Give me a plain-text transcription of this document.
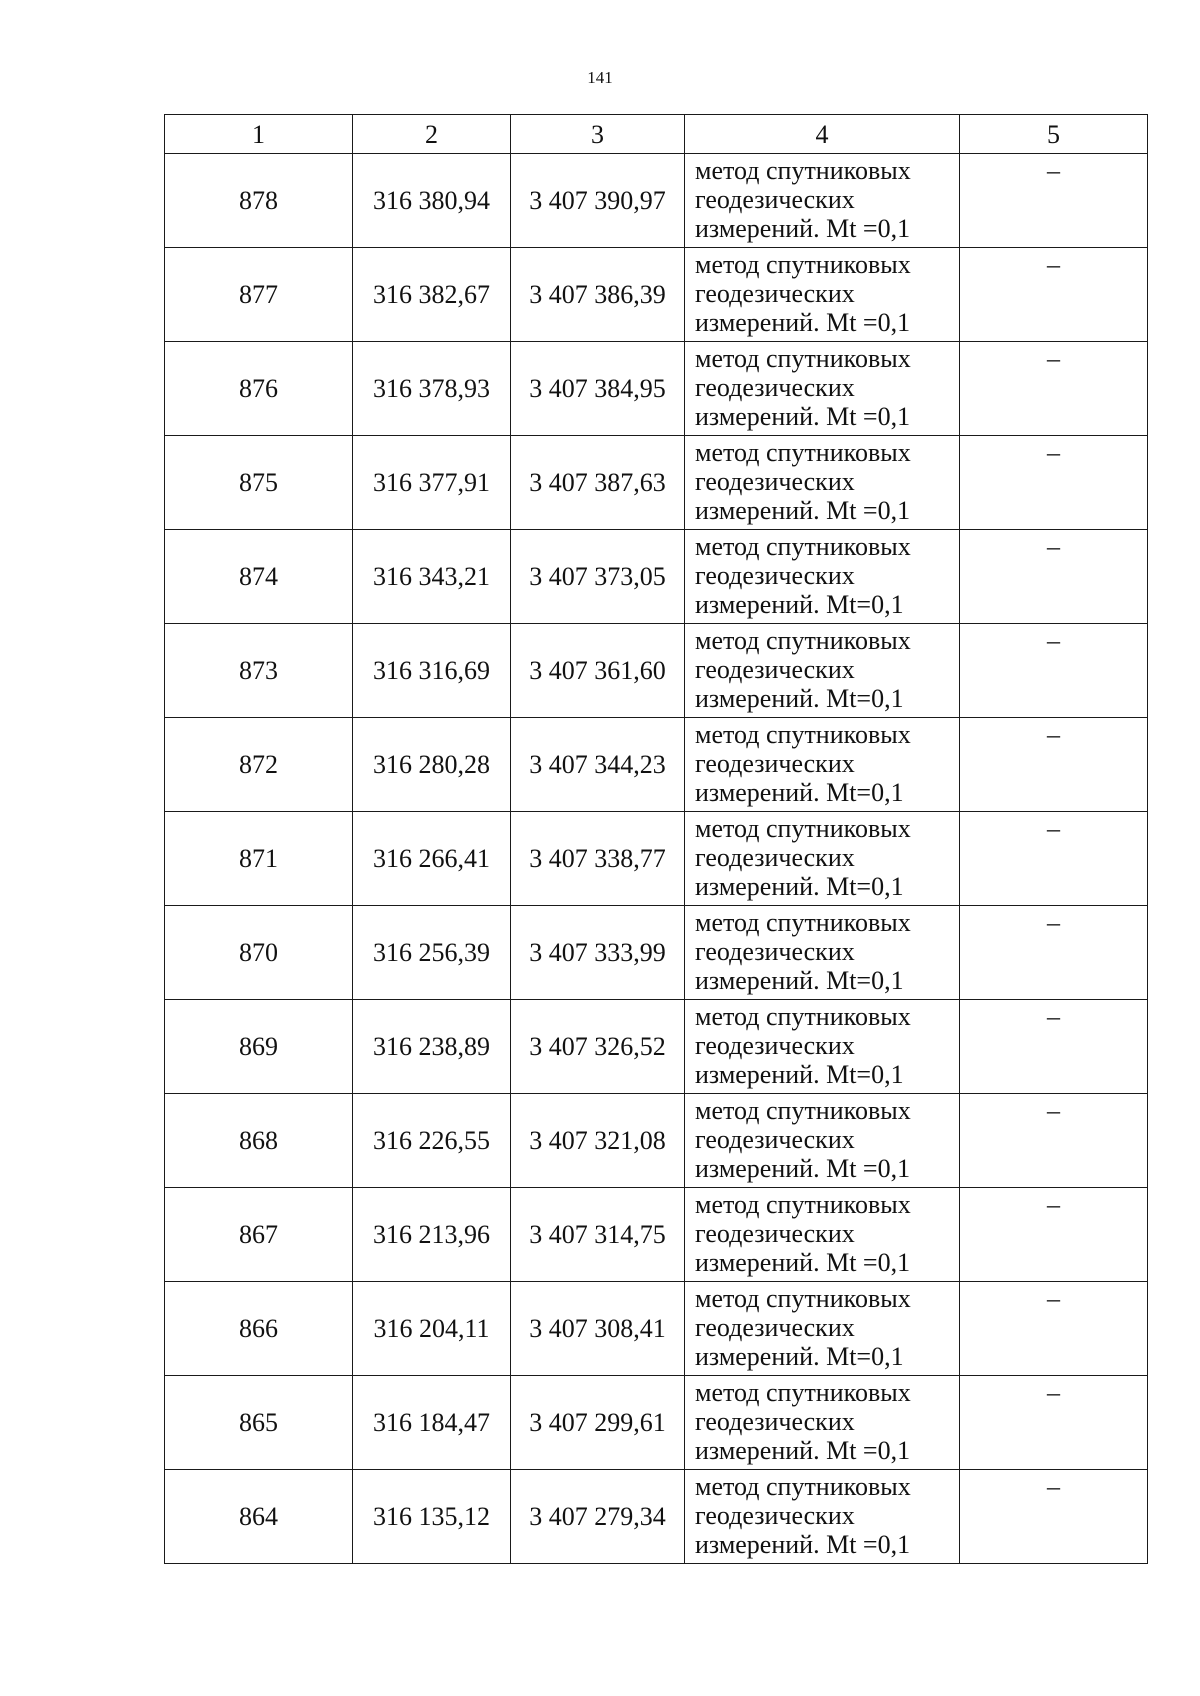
141
1	2	3	4	5
878	316 380,94	3 407 390,97	метод спутниковых
геодезических
измерений. Mt =0,1	–
877	316 382,67	3 407 386,39	метод спутниковых
геодезических
измерений. Mt =0,1	–
876	316 378,93	3 407 384,95	метод спутниковых
геодезических
измерений. Mt =0,1	–
875	316 377,91	3 407 387,63	метод спутниковых
геодезических
измерений. Mt =0,1	–
874	316 343,21	3 407 373,05	метод спутниковых
геодезических
измерений. Mt=0,1	–
873	316 316,69	3 407 361,60	метод спутниковых
геодезических
измерений. Mt=0,1	–
872	316 280,28	3 407 344,23	метод спутниковых
геодезических
измерений. Mt=0,1	–
871	316 266,41	3 407 338,77	метод спутниковых
геодезических
измерений. Mt=0,1	–
870	316 256,39	3 407 333,99	метод спутниковых
геодезических
измерений. Mt=0,1	–
869	316 238,89	3 407 326,52	метод спутниковых
геодезических
измерений. Mt=0,1	–
868	316 226,55	3 407 321,08	метод спутниковых
геодезических
измерений. Mt =0,1	–
867	316 213,96	3 407 314,75	метод спутниковых
геодезических
измерений. Mt =0,1	–
866	316 204,11	3 407 308,41	метод спутниковых
геодезических
измерений. Mt=0,1	–
865	316 184,47	3 407 299,61	метод спутниковых
геодезических
измерений. Mt =0,1	–
864	316 135,12	3 407 279,34	метод спутниковых
геодезических
измерений. Mt =0,1	–
